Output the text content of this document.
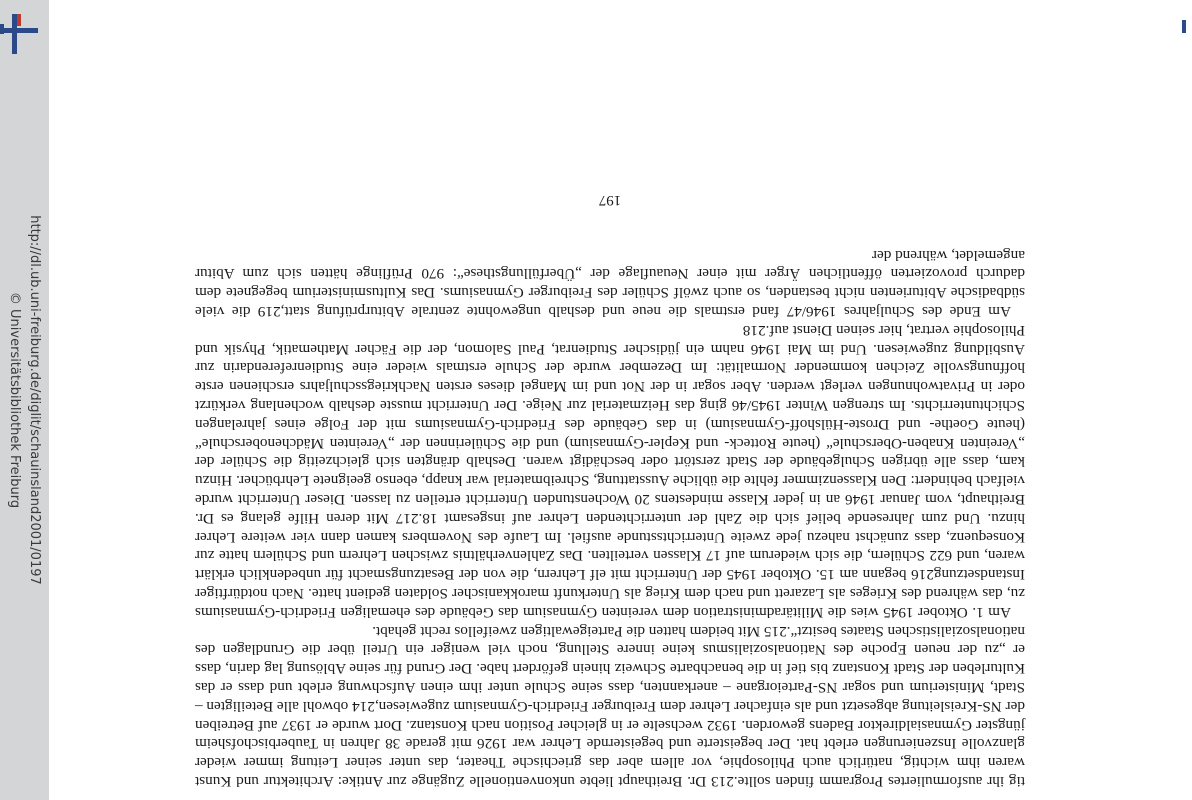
http://dl.ub.uni-freiburg.de/diglit/schauinsland2001/0197
© Universitätsbibliothek Freiburg

tig ihr ausformuliertes Programm finden sollte.213 Dr. Breithaupt liebte unkonventionelle Zugänge zur Antike: Architektur und Kunst waren ihm wichtig, natürlich auch Philosophie, vor allem aber das griechische Theater, das unter seiner Leitung immer wieder glanzvolle Inszenierungen erlebt hat. Der begeisterte und begeisternde Lehrer war 1926 mit gerade 38 Jahren in Tauberbischofsheim jüngster Gymnasialdirektor Badens geworden. 1932 wechselte er in gleicher Position nach Konstanz. Dort wurde er 1937 auf Betreiben der NS-Kreisleitung abgesetzt und als einfacher Lehrer dem Freiburger Friedrich-Gymnasium zugewiesen,214 obwohl alle Beteiligten – Stadt, Ministerium und sogar NS-Parteiorgane – anerkannten, dass seine Schule unter ihm einen Aufschwung erlebt und dass er das Kulturleben der Stadt Konstanz bis tief in die benachbarte Schweiz hinein gefördert habe. Der Grund für seine Ablösung lag darin, dass er „zu der neuen Epoche des Nationalsozialismus keine innere Stellung, noch viel weniger ein Urteil über die Grundlagen des nationalsozialistischen Staates besitzt“.215 Mit beidem hatten die Parteigewaltigen zweifellos recht gehabt.

Am 1. Oktober 1945 wies die Militäradministration dem vereinten Gymnasium das Gebäude des ehemaligen Friedrich-Gymnasiums zu, das während des Krieges als Lazarett und nach dem Krieg als Unterkunft marokkanischer Soldaten gedient hatte. Nach notdürftiger Instandsetzung216 begann am 15. Oktober 1945 der Unterricht mit elf Lehrern, die von der Besatzungsmacht für unbedenklich erklärt waren, und 622 Schülern, die sich wiederum auf 17 Klassen verteilten. Das Zahlenverhältnis zwischen Lehrern und Schülern hatte zur Konsequenz, dass zunächst nahezu jede zweite Unterrichtsstunde ausfiel. Im Laufe des Novembers kamen dann vier weitere Lehrer hinzu. Und zum Jahresende belief sich die Zahl der unterrichtenden Lehrer auf insgesamt 18.217 Mit deren Hilfe gelang es Dr. Breithaupt, vom Januar 1946 an in jeder Klasse mindestens 20 Wochenstunden Unterricht erteilen zu lassen. Dieser Unterricht wurde vielfach behindert: Den Klassenzimmer fehlte die übliche Ausstattung, Schreibmaterial war knapp, ebenso geeignete Lehrbücher. Hinzu kam, dass alle übrigen Schulgebäude der Stadt zerstört oder beschädigt waren. Deshalb drängten sich gleichzeitig die Schüler der „Vereinten Knaben-Oberschule“ (heute Rotteck- und Kepler-Gymnasium) und die Schülerinnen der „Vereinten Mädchenoberschule“ (heute Goethe- und Droste-Hülshoff-Gymnasium) in das Gebäude des Friedrich-Gymnasiums mit der Folge eines jahrelangen Schichtunterrichts. Im strengen Winter 1945/46 ging das Heizmaterial zur Neige. Der Unterricht musste deshalb wochenlang verkürzt oder in Privatwohnungen verlegt werden. Aber sogar in der Not und im Mangel dieses ersten Nachkriegsschuljahrs erschienen erste hoffnungsvolle Zeichen kommender Normalität: Im Dezember wurde der Schule erstmals wieder eine Studienreferendarin zur Ausbildung zugewiesen. Und im Mai 1946 nahm ein jüdischer Studienrat, Paul Salomon, der die Fächer Mathematik, Physik und Philosophie vertrat, hier seinen Dienst auf.218

Am Ende des Schuljahres 1946/47 fand erstmals die neue und deshalb ungewohnte zentrale Abiturprüfung statt,219 die viele südbadische Abiturienten nicht bestanden, so auch zwölf Schüler des Freiburger Gymnasiums. Das Kultusministerium begegnete dem dadurch provozierten öffentlichen Ärger mit einer Neuauflage der „Überfüllungsthese“: 970 Prüflinge hätten sich zum Abitur angemeldet, während der

197
